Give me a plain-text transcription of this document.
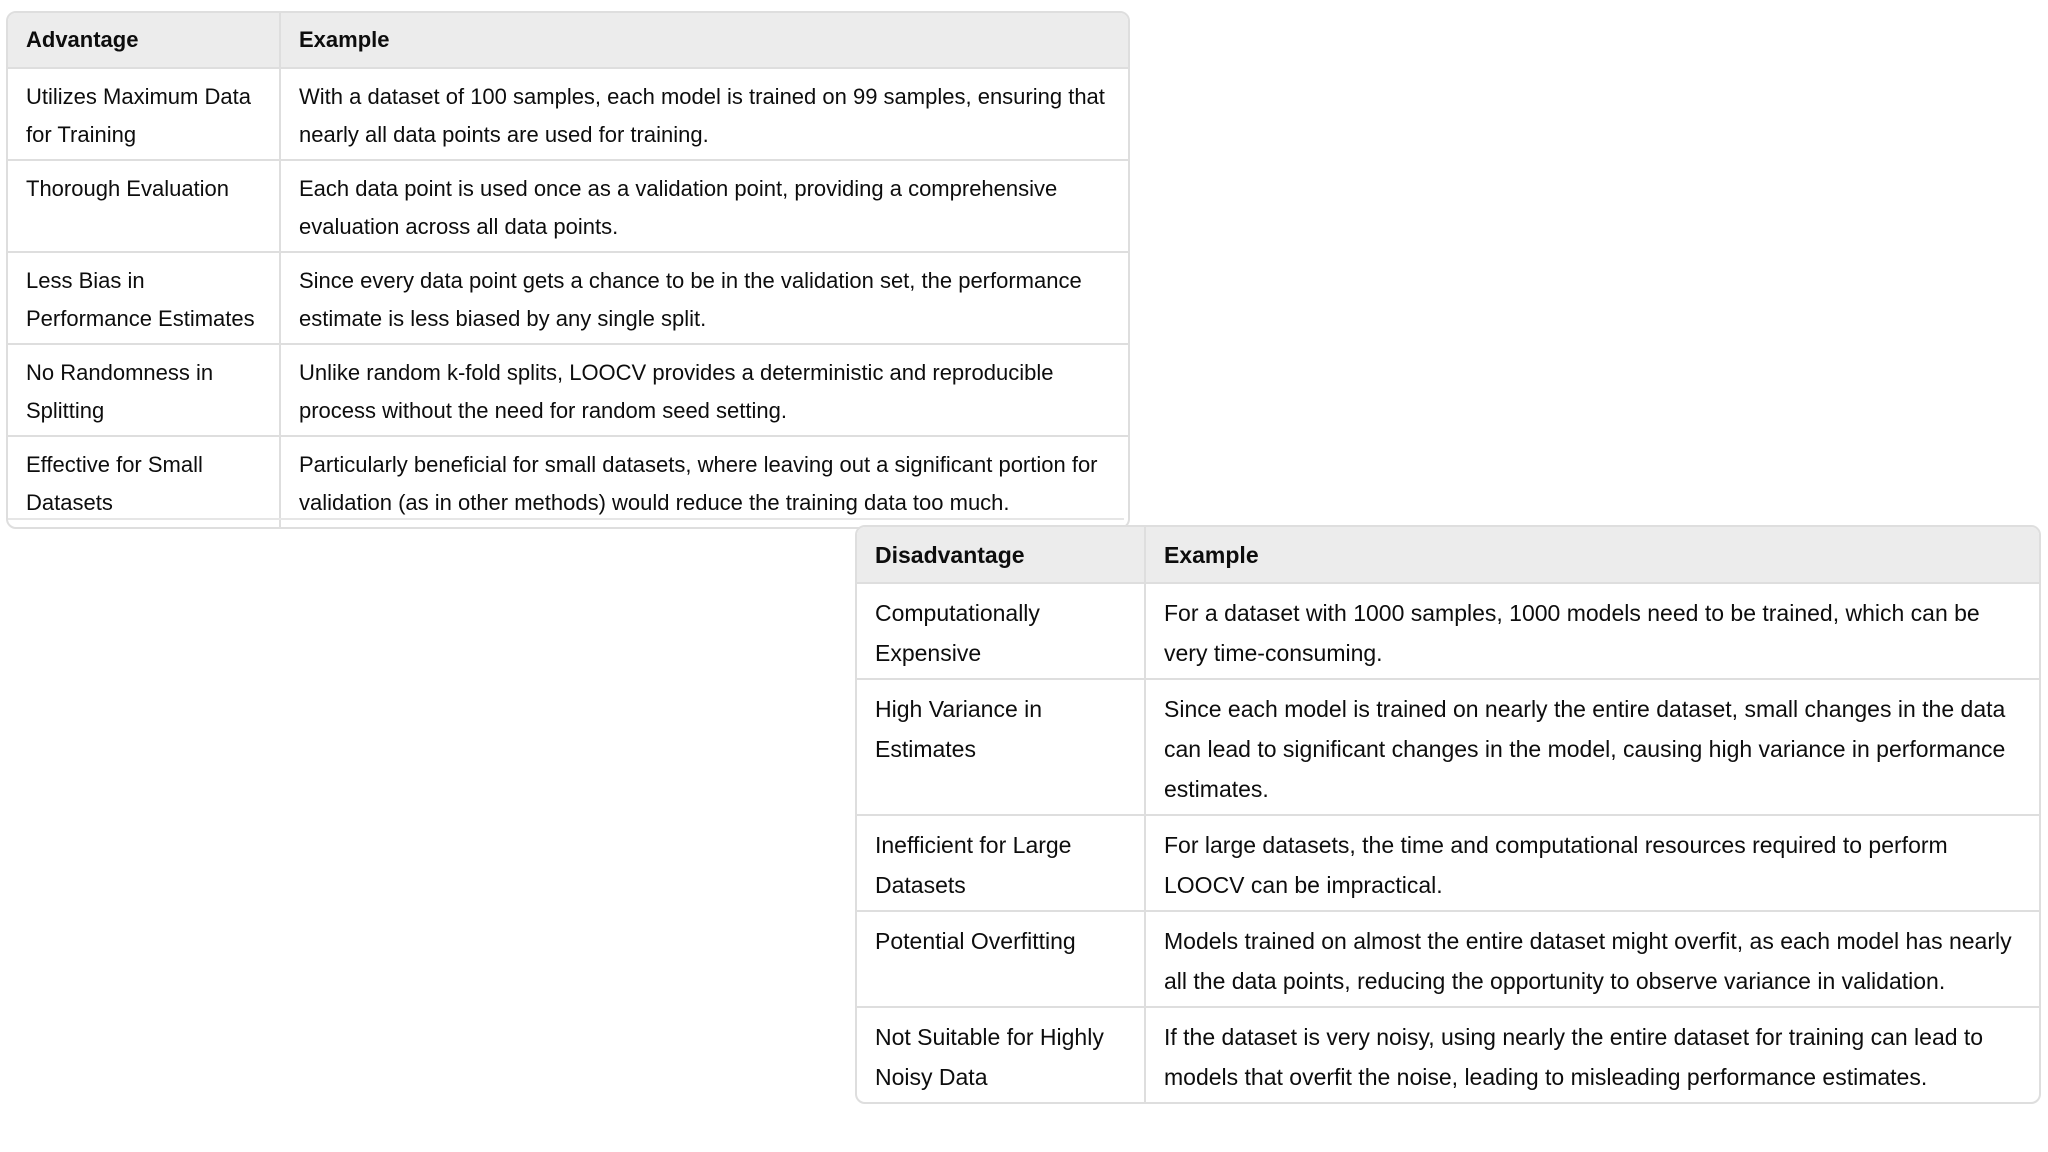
Advantage	Example
Utilizes Maximum Data for Training	With a dataset of 100 samples, each model is trained on 99 samples, ensuring that nearly all data points are used for training.
Thorough Evaluation	Each data point is used once as a validation point, providing a comprehensive evaluation across all data points.
Less Bias in Performance Estimates	Since every data point gets a chance to be in the validation set, the performance estimate is less biased by any single split.
No Randomness in Splitting	Unlike random k-fold splits, LOOCV provides a deterministic and reproducible process without the need for random seed setting.
Effective for Small Datasets	Particularly beneficial for small datasets, where leaving out a significant portion for validation (as in other methods) would reduce the training data too much.
Disadvantage	Example
Computationally Expensive	For a dataset with 1000 samples, 1000 models need to be trained, which can be very time-consuming.
High Variance in Estimates	Since each model is trained on nearly the entire dataset, small changes in the data can lead to significant changes in the model, causing high variance in performance estimates.
Inefficient for Large Datasets	For large datasets, the time and computational resources required to perform LOOCV can be impractical.
Potential Overfitting	Models trained on almost the entire dataset might overfit, as each model has nearly all the data points, reducing the opportunity to observe variance in validation.
Not Suitable for Highly Noisy Data	If the dataset is very noisy, using nearly the entire dataset for training can lead to models that overfit the noise, leading to misleading performance estimates.
